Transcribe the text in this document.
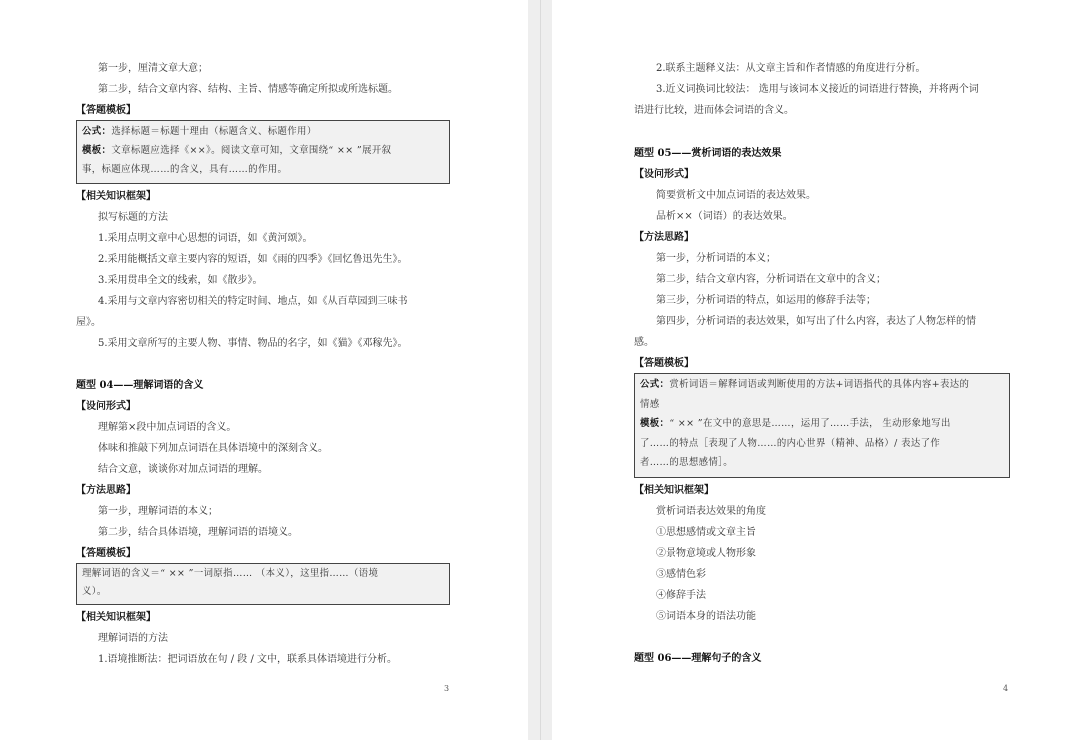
第一步，厘清文章大意；
第二步，结合文章内容、结构、主旨、情感等确定所拟或所选标题。
【答题模板】
公式：选择标题＝标题十理由（标题含义、标题作用）
模板：文章标题应选择《××》。阅读文章可知，文章围绕“ ×× ”展开叙
事，标题应体现……的含义，具有……的作用。
【相关知识框架】
拟写标题的方法
1.采用点明文章中心思想的词语，如《黄河颂》。
2.采用能概括文章主要内容的短语，如《雨的四季》《回忆鲁迅先生》。
3.采用贯串全文的线索，如《散步》。
4.采用与文章内容密切相关的特定时间、地点，如《从百草园到三味书
屋》。
5.采用文章所写的主要人物、事情、物品的名字，如《猫》《邓稼先》。
题型 04——理解词语的含义
【设问形式】
理解第×段中加点词语的含义。
体味和推敲下列加点词语在具体语境中的深刻含义。
结合文意，谈谈你对加点词语的理解。
【方法思路】
第一步，理解词语的本义；
第二步，结合具体语境，理解词语的语境义。
【答题模板】
理解词语的含义＝“ ×× ”一词原指…… （本义），这里指……（语境
义）。
【相关知识框架】
理解词语的方法
1.语境推断法：把词语放在句 / 段 / 文中，联系具体语境进行分析。
3
2.联系主题释义法：从文章主旨和作者情感的角度进行分析。
3.近义词换词比较法： 选用与该词本义接近的词语进行替换，并将两个词
语进行比较，进而体会词语的含义。
题型 05——赏析词语的表达效果
【设问形式】
简要赏析文中加点词语的表达效果。
品析××（词语）的表达效果。
【方法思路】
第一步，分析词语的本义；
第二步，结合文章内容，分析词语在文章中的含义；
第三步，分析词语的特点，如运用的修辞手法等；
第四步，分析词语的表达效果，如写出了什么内容，表达了人物怎样的情
感。
【答题模板】
公式：赏析词语＝解释词语或判断使用的方法+词语指代的具体内容+表达的
情感
模板：“ ×× ”在文中的意思是……，运用了……手法， 生动形象地写出
了……的特点［表现了人物……的内心世界（精神、品格）/ 表达了作
者……的思想感情］。
【相关知识框架】
赏析词语表达效果的角度
①思想感情或文章主旨
②景物意境或人物形象
③感情色彩
④修辞手法
⑤词语本身的语法功能
题型 06——理解句子的含义
4
